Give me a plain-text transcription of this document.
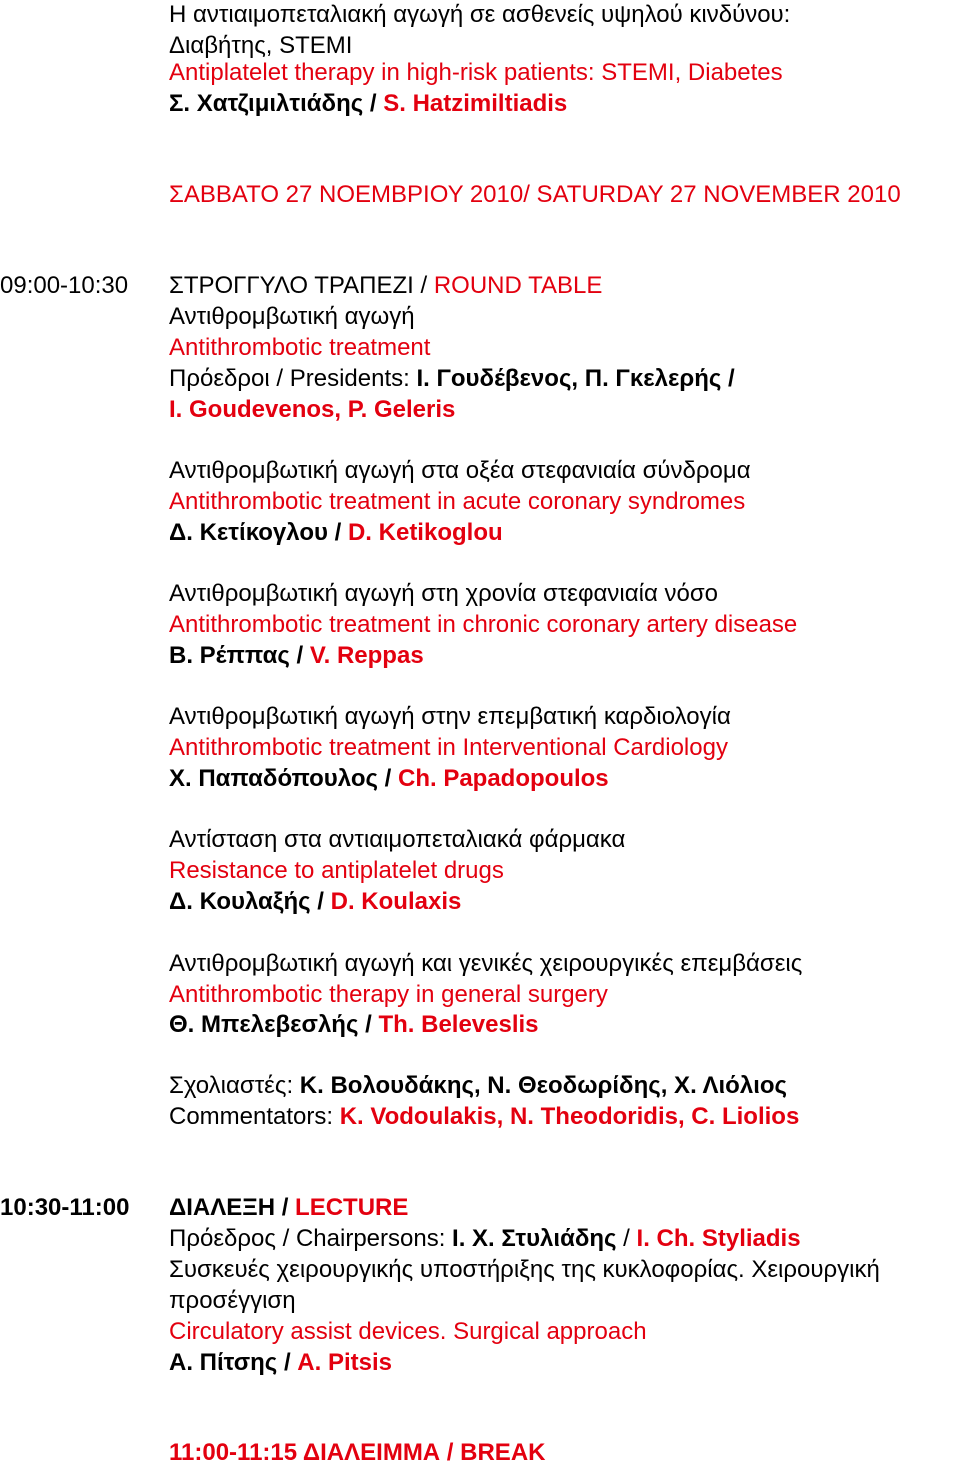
Η αντιαιμοπεταλιακή αγωγή σε ασθενείς υψηλού κινδύνου:
Διαβήτης, STEMI
Antiplatelet therapy in high-risk patients: STEMI, Diabetes
Σ. Χατζιμιλτιάδης / S. Hatzimiltiadis
ΣΑΒΒΑΤΟ 27 ΝΟΕΜΒΡΙΟΥ 2010/ SATURDAY 27 NOVEMBER 2010
09:00-10:30 ΣΤΡΟΓΓΥΛΟ ΤΡΑΠΕΖΙ / ROUND TABLE
Αντιθρομβωτική αγωγή
Antithrombotic treatment
Πρόεδροι / Presidents: Ι. Γουδέβενος, Π. Γκελερής /
I. Goudevenos, P. Geleris
Αντιθρομβωτική αγωγή στα οξέα στεφανιαία σύνδρομα
Antithrombotic treatment in acute coronary syndromes
Δ. Κετίκογλου / D. Ketikoglou
Αντιθρομβωτική αγωγή στη χρονία στεφανιαία νόσο
Antithrombotic treatment in chronic coronary artery disease
Β. Ρέππας / V. Reppas
Αντιθρομβωτική αγωγή στην επεμβατική καρδιολογία
Antithrombotic treatment in Interventional Cardiology
Χ. Παπαδόπουλος / Ch. Papadopoulos
Αντίσταση στα αντιαιμοπεταλιακά φάρμακα
Resistance to antiplatelet drugs
Δ. Κουλαξής / D. Koulaxis
Αντιθρομβωτική αγωγή και γενικές χειρουργικές επεμβάσεις
Antithrombotic therapy in general surgery
Θ. Μπελεβεσλής / Th. Beleveslis
Σχολιαστές: Κ. Βολουδάκης, Ν. Θεοδωρίδης, Χ. Λιόλιος
Commentators: K. Vodoulakis, N. Theodoridis, C. Liolios
10:30-11:00 ΔΙΑΛΕΞΗ / LECTURE
Πρόεδρος / Chairpersons: Ι. Χ. Στυλιάδης / I. Ch. Styliadis
Συσκευές χειρουργικής υποστήριξης της κυκλοφορίας. Χειρουργική
προσέγγιση
Circulatory assist devices. Surgical approach
Α. Πίτσης / A. Pitsis
11:00-11:15 ΔΙΑΛΕΙΜΜΑ / BREAK
